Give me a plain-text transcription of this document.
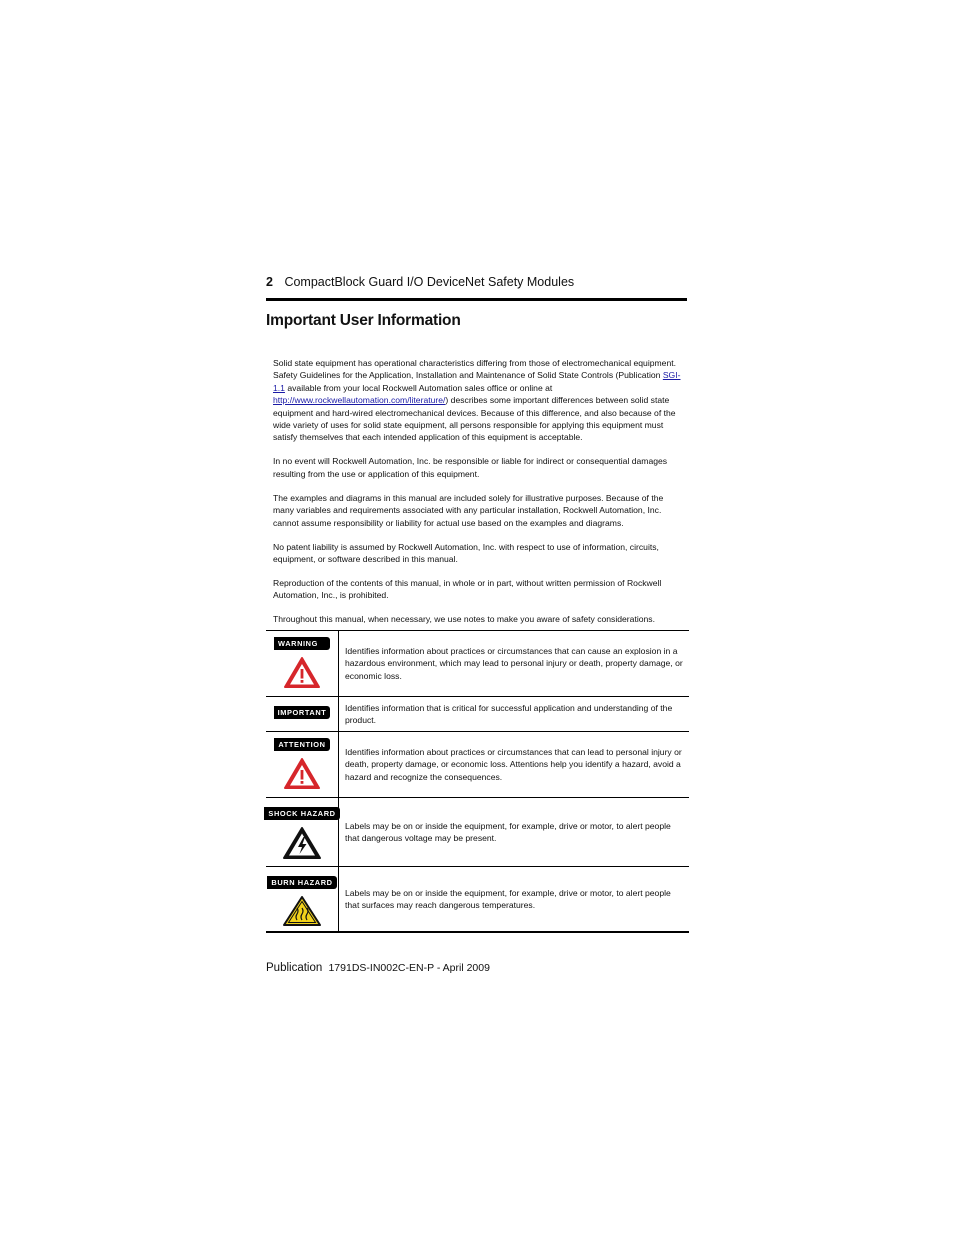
2 CompactBlock Guard I/O DeviceNet Safety Modules
Important User Information

Solid state equipment has operational characteristics differing from those of electromechanical equipment. Safety Guidelines for the Application, Installation and Maintenance of Solid State Controls (Publication SGI-1.1 available from your local Rockwell Automation sales office or online at http://www.rockwellautomation.com/literature/) describes some important differences between solid state equipment and hard-wired electromechanical devices. Because of this difference, and also because of the wide variety of uses for solid state equipment, all persons responsible for applying this equipment must satisfy themselves that each intended application of this equipment is acceptable.

In no event will Rockwell Automation, Inc. be responsible or liable for indirect or consequential damages resulting from the use or application of this equipment.

The examples and diagrams in this manual are included solely for illustrative purposes. Because of the many variables and requirements associated with any particular installation, Rockwell Automation, Inc. cannot assume responsibility or liability for actual use based on the examples and diagrams.

No patent liability is assumed by Rockwell Automation, Inc. with respect to use of information, circuits, equipment, or software described in this manual.

Reproduction of the contents of this manual, in whole or in part, without written permission of Rockwell Automation, Inc., is prohibited.

Throughout this manual, when necessary, we use notes to make you aware of safety considerations.

WARNING
Identifies information about practices or circumstances that can cause an explosion in a hazardous environment, which may lead to personal injury or death, property damage, or economic loss.
IMPORTANT	Identifies information that is critical for successful application and understanding of the product.
ATTENTION
Identifies information about practices or circumstances that can lead to personal injury or death, property damage, or economic loss. Attentions help you identify a hazard, avoid a hazard and recognize the consequences.
SHOCK HAZARD
Labels may be on or inside the equipment, for example, drive or motor, to alert people that dangerous voltage may be present.
BURN HAZARD
Labels may be on or inside the equipment, for example, drive or motor, to alert people that surfaces may reach dangerous temperatures.
Publication 1791DS-IN002C-EN-P - April 2009
